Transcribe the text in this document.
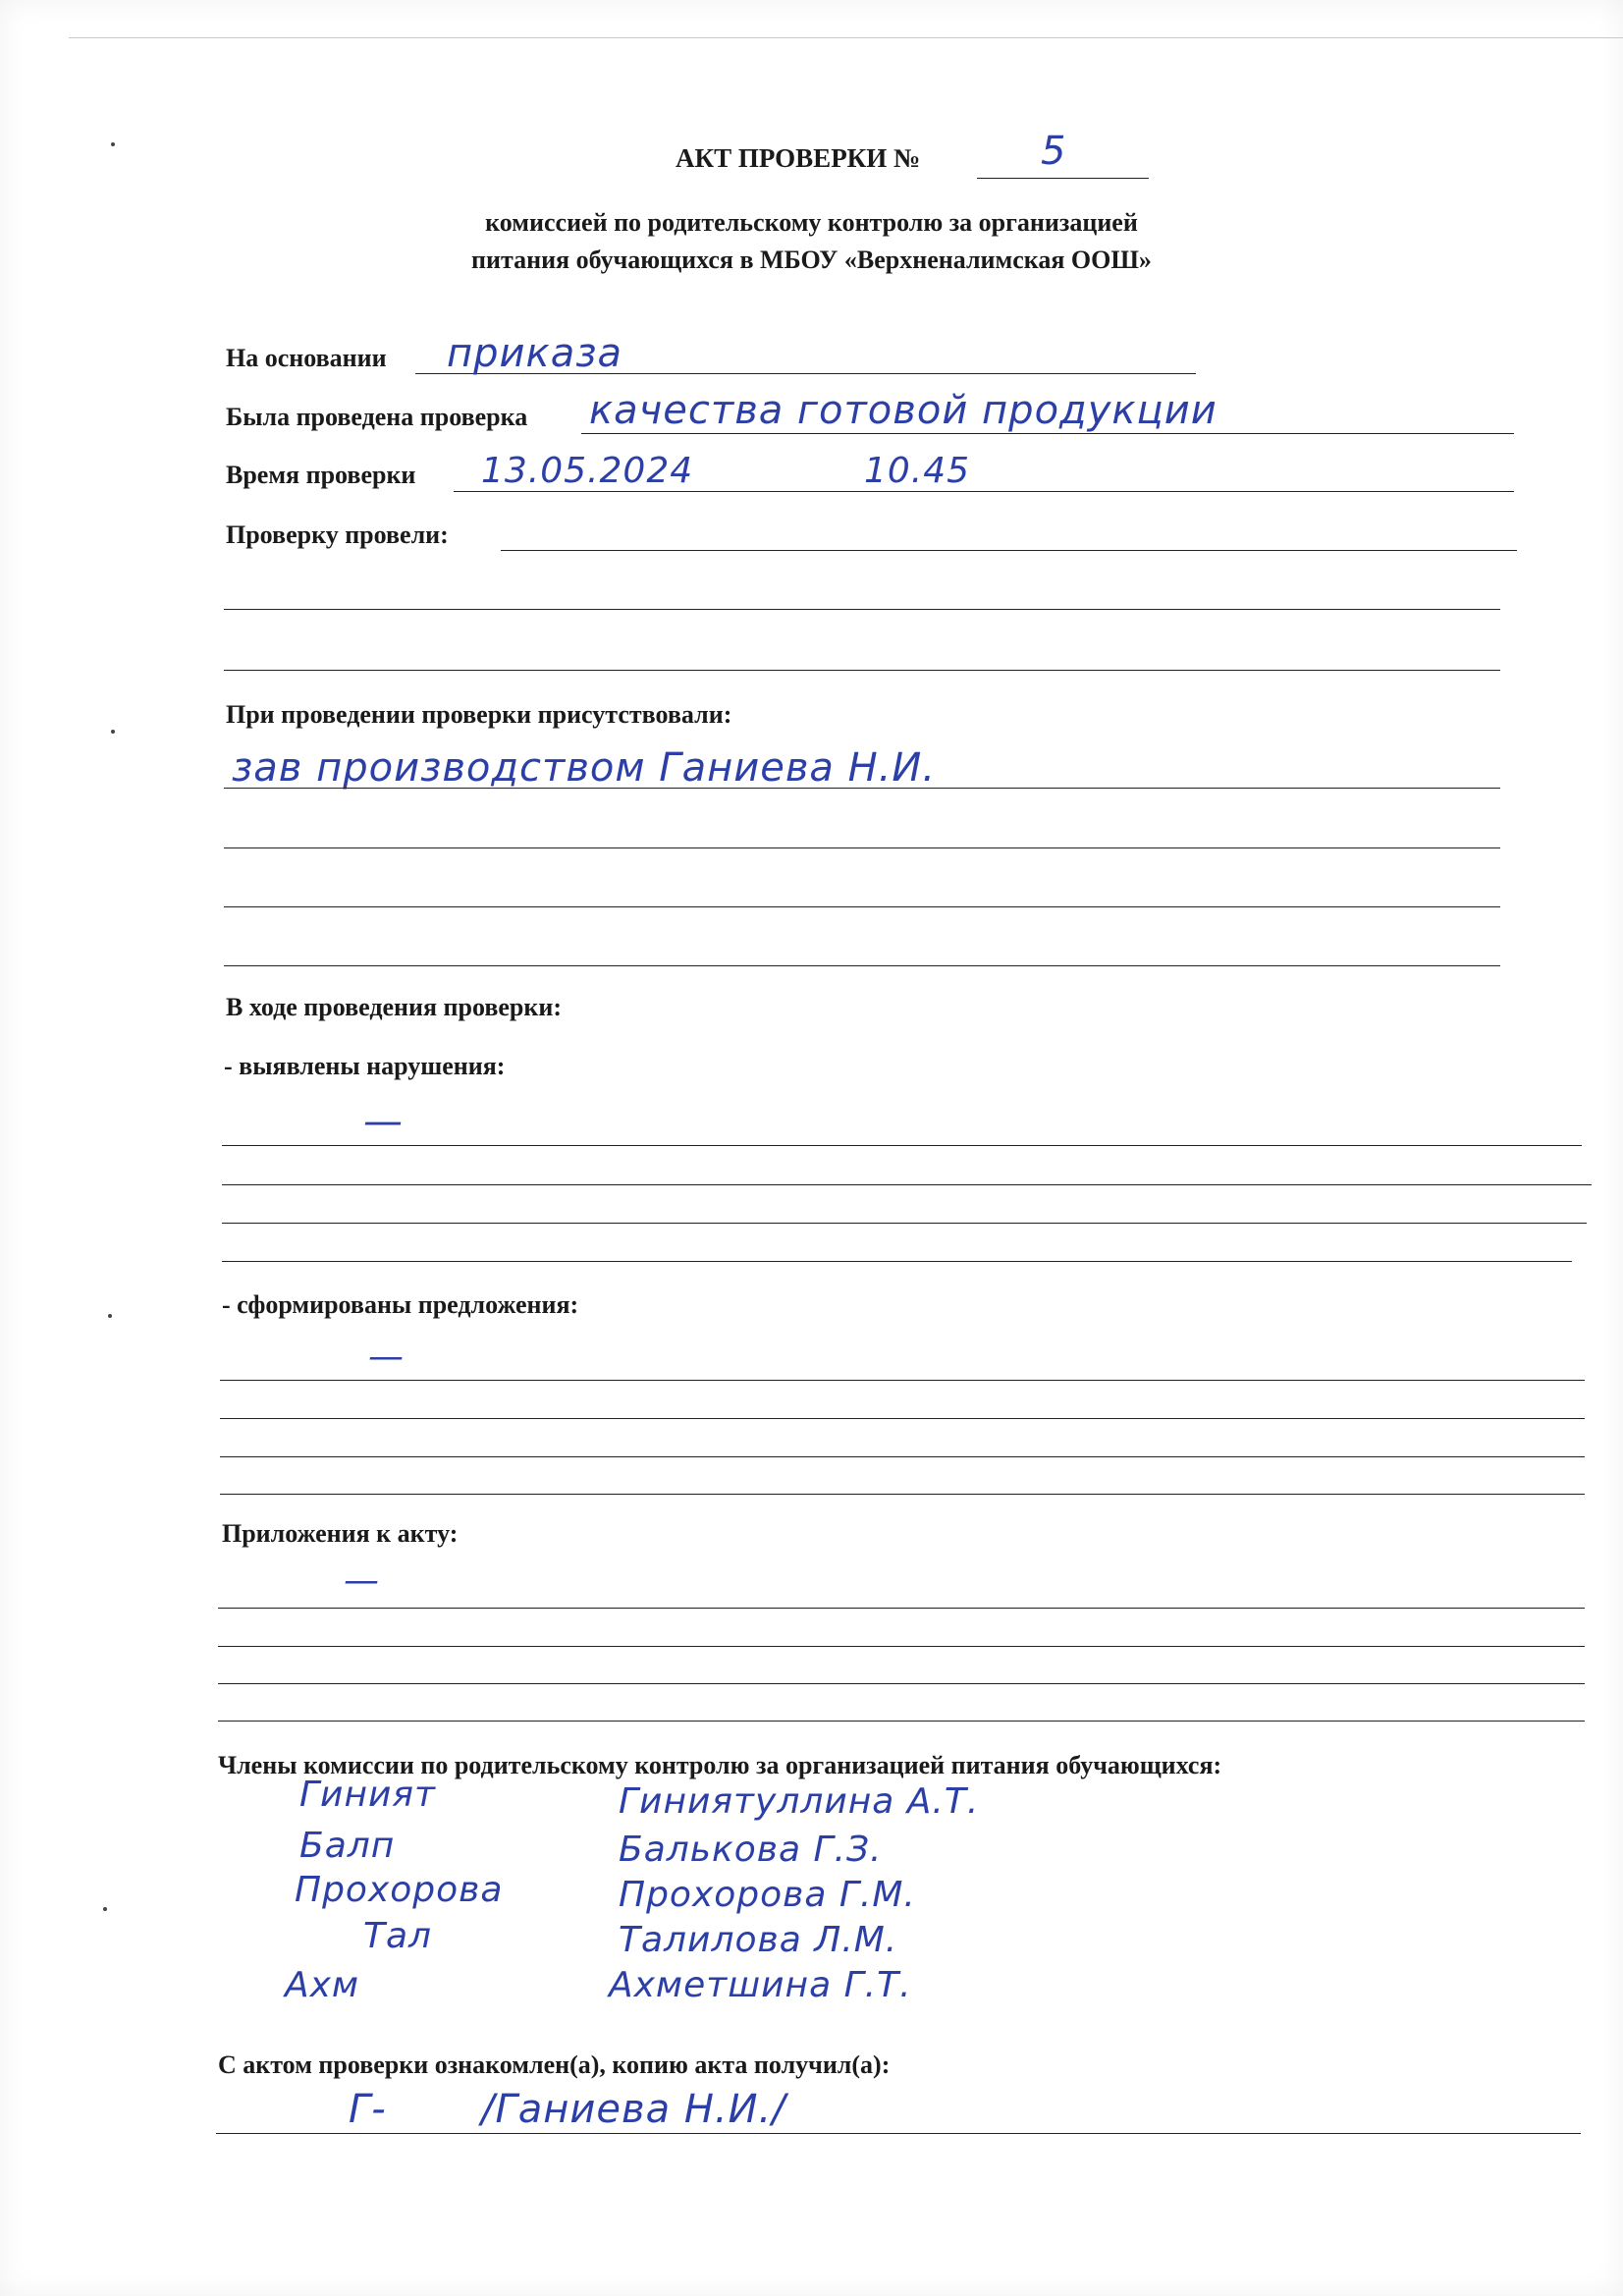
АКТ ПРОВЕРКИ №	5
комиссией по родительскому контролю за организацией
питания обучающихся в МБОУ «Верхненалимская ООШ»
На основании приказа
Была проведена проверка качества готовой продукции
Время проверки 13.05.2024	10.45
Проверку провели:
При проведении проверки присутствовали:
зав производством Ганиева Н.И.
В ходе проведения проверки:
- выявлены нарушения:
—
- сформированы предложения:
—
Приложения к акту:
—
Члены комиссии по родительскому контролю за организацией питания обучающихся:
Гиният	Гиниятуллина А.Т.
Балп	Балькова Г.З.
Прохорова	Прохорова Г.М.
Тал	Талилова Л.М.
Ахм	Ахметшина Г.Т.
С актом проверки ознакомлен(а), копию акта получил(а):
Г- /Ганиева Н.И./
